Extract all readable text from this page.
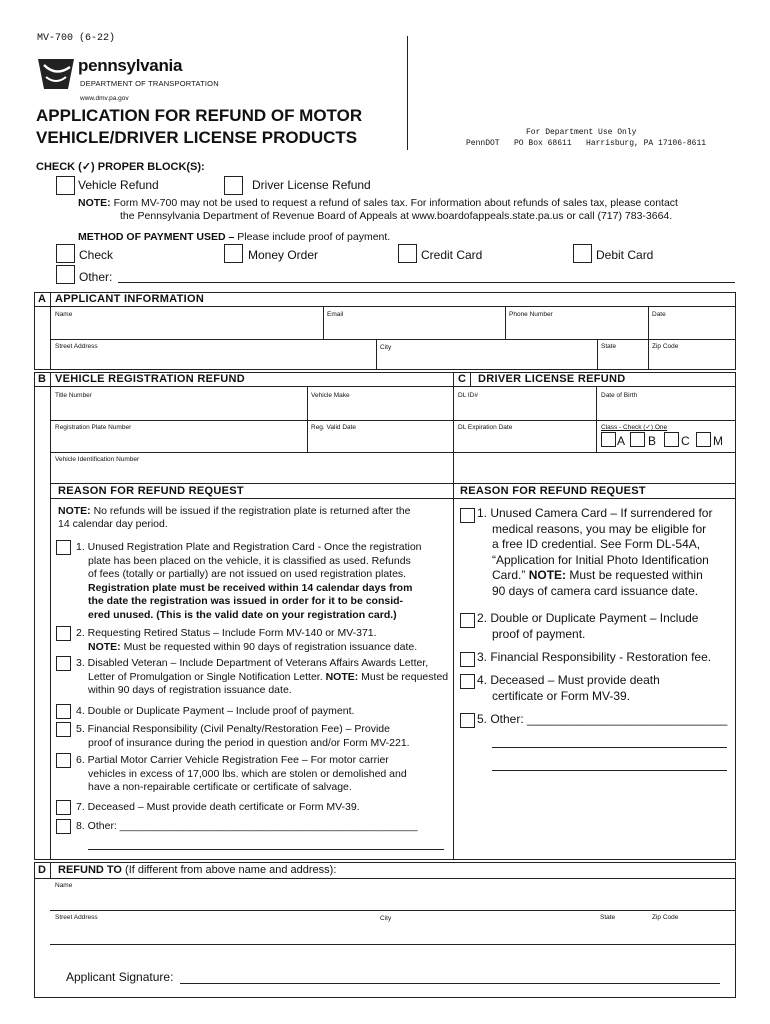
MV-700 (6-22)
pennsylvania
DEPARTMENT OF TRANSPORTATION
www.dmv.pa.gov
APPLICATION FOR REFUND OF MOTOR
VEHICLE/DRIVER LICENSE PRODUCTS	For Department Use Only
PennDOT   PO Box 68611   Harrisburg, PA 17106-8611
CHECK (✓) PROPER BLOCK(S):
Vehicle Refund	Driver License Refund
NOTE: Form MV-700 may not be used to request a refund of sales tax. For information about refunds of sales tax, please contact
the Pennsylvania Department of Revenue Board of Appeals at www.boardofappeals.state.pa.us or call (717) 783-3664.
METHOD OF PAYMENT USED – Please include proof of payment.
Check	Money Order	Credit Card	Debit Card
Other:
A APPLICANT INFORMATION
Name	Email	Phone Number	Date
Street Address	City	State	Zip Code
B VEHICLE REGISTRATION REFUND	C DRIVER LICENSE REFUND
Title Number	Vehicle Make
Registration Plate Number	Reg. Valid Date
Vehicle Identification Number
DL ID#	Date of Birth
DL Expiration Date	Class - Check (✓) One
A B C M
REASON FOR REFUND REQUEST	REASON FOR REFUND REQUEST
NOTE: No refunds will be issued if the registration plate is returned after the
14 calendar day period.
1. Unused Registration Plate and Registration Card - Once the registration
plate has been placed on the vehicle, it is classified as used. Refunds
of fees (totally or partially) are not issued on used registration plates.
Registration plate must be received within 14 calendar days from
the date the registration was issued in order for it to be consid-
ered unused. (This is the valid date on your registration card.)
2. Requesting Retired Status – Include Form MV-140 or MV-371.
NOTE: Must be requested within 90 days of registration issuance date.
3. Disabled Veteran – Include Department of Veterans Affairs Awards Letter,
Letter of Promulgation or Single Notification Letter. NOTE: Must be requested
within 90 days of registration issuance date.
4. Double or Duplicate Payment – Include proof of payment.
5. Financial Responsibility (Civil Penalty/Restoration Fee) – Provide
proof of insurance during the period in question and/or Form MV-221.
6. Partial Motor Carrier Vehicle Registration Fee – For motor carrier
vehicles in excess of 17,000 lbs. which are stolen or demolished and
have a non-repairable certificate or certificate of salvage.
7. Deceased – Must provide death certificate or Form MV-39.
8. Other: ___________________________________________________
1. Unused Camera Card – If surrendered for
medical reasons, you may be eligible for
a free ID credential. See Form DL-54A,
“Application for Initial Photo Identification
Card.” NOTE: Must be requested within
90 days of camera card issuance date.
2. Double or Duplicate Payment – Include
proof of payment.
3. Financial Responsibility - Restoration fee.
4. Deceased – Must provide death
certificate or Form MV-39.
5. Other: ______________________________
D REFUND TO (If different from above name and address):
Name
Street Address	City	State	Zip Code
Applicant Signature:
